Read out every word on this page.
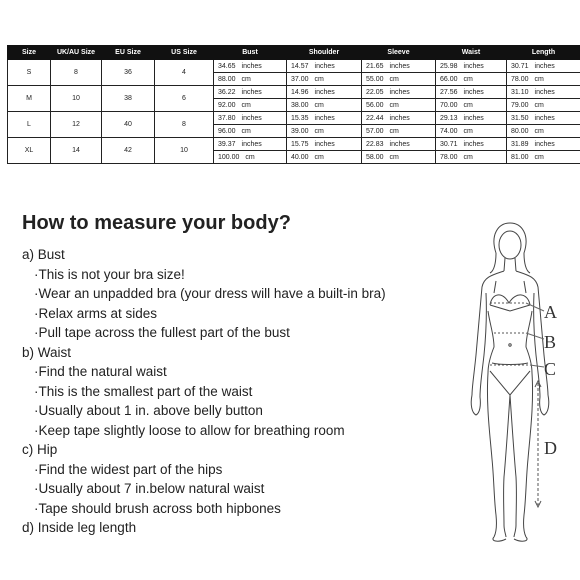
Size	UK/AU Size	EU Size	US Size	Bust	Shoulder	Sleeve	Waist	Length
S	8	36	4	34.65 inches	14.57 inches	21.65 inches	25.98 inches	30.71 inches
				88.00 cm	37.00 cm	55.00 cm	66.00 cm	78.00 cm
M	10	38	6	36.22 inches	14.96 inches	22.05 inches	27.56 inches	31.10 inches
				92.00 cm	38.00 cm	56.00 cm	70.00 cm	79.00 cm
L	12	40	8	37.80 inches	15.35 inches	22.44 inches	29.13 inches	31.50 inches
				96.00 cm	39.00 cm	57.00 cm	74.00 cm	80.00 cm
XL	14	42	10	39.37 inches	15.75 inches	22.83 inches	30.71 inches	31.89 inches
				100.00 cm	40.00 cm	58.00 cm	78.00 cm	81.00 cm
How to measure your body?
a) Bust
·This is not your bra size!
·Wear an unpadded bra (your dress will have a built-in bra)
·Relax arms at sides
·Pull tape across the fullest part of the bust
b) Waist
·Find the natural waist
·This is the smallest part of the waist
·Usually about 1 in. above belly button
·Keep tape slightly loose to allow for breathing room
c) Hip
·Find the widest part of the hips
·Usually about 7 in.below natural waist
·Tape should brush across both hipbones
d) Inside leg length
A
B
C
D
